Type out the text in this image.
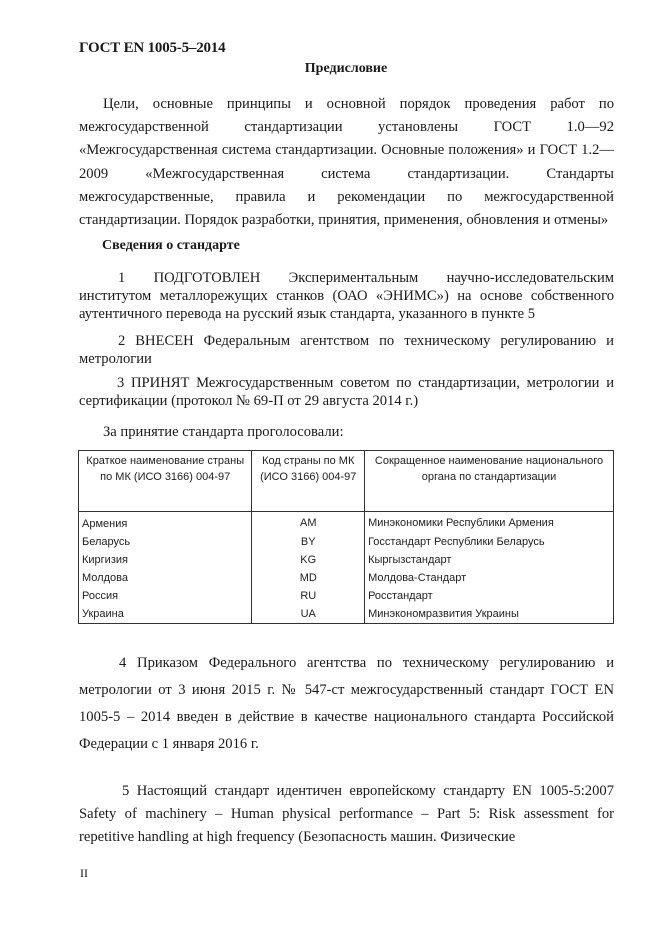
ГОСТ EN 1005-5–2014
Предисловие
Цели, основные принципы и основной порядок проведения работ по межгосударственной стандартизации установлены ГОСТ 1.0—92 «Межгосударственная система стандартизации. Основные положения» и ГОСТ 1.2—2009 «Межгосударственная система стандартизации. Стандарты межгосударственные, правила и рекомендации по межгосударственной стандартизации. Порядок разработки, принятия, применения, обновления и отмены»
Сведения о стандарте
1 ПОДГОТОВЛЕН Экспериментальным научно-исследовательским институтом металлорежущих станков (ОАО «ЭНИМС») на основе собственного аутентичного перевода на русский язык стандарта, указанного в пункте 5
2 ВНЕСЕН Федеральным агентством по техническому регулированию и метрологии
3 ПРИНЯТ Межгосударственным советом по стандартизации, метрологии и сертификации (протокол № 69-П от 29 августа 2014 г.)
За принятие стандарта проголосовали:
Краткое наименование страны по МК (ИСО 3166) 004-97	Код страны по МК (ИСО 3166) 004-97	Сокращенное наименование национального органа по стандартизации
Армения	AM	Минэкономики Республики Армения
Беларусь	BY	Госстандарт Республики Беларусь
Киргизия	KG	Кыргызстандарт
Молдова	MD	Молдова-Стандарт
Россия	RU	Росстандарт
Украина	UA	Минэкономразвития Украины
4 Приказом Федерального агентства по техническому регулированию и метрологии от 3 июня 2015 г. № 547-ст межгосударственный стандарт ГОСТ EN 1005-5 – 2014 введен в действие в качестве национального стандарта Российской Федерации с 1 января 2016 г.
5 Настоящий стандарт идентичен европейскому стандарту EN 1005-5:2007 Safety of machinery – Human physical performance – Part 5: Risk assessment for repetitive handling at high frequency (Безопасность машин. Физические
II
